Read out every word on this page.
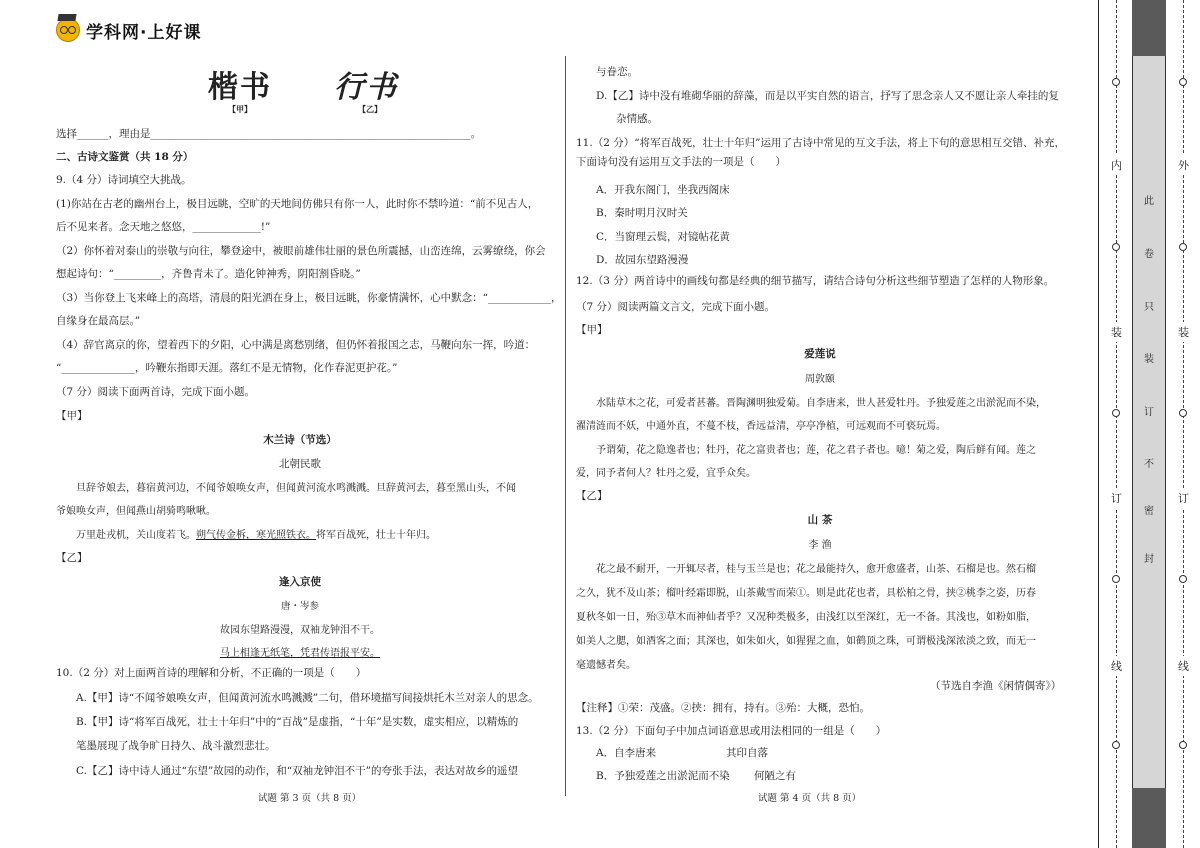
学科网·上好课
楷书 行书
【甲】	【乙】
选择______，理由是_____________________________________________________________。
二、古诗文鉴赏（共 18 分）
9.（4 分）诗词填空大挑战。
(1)你站在古老的幽州台上，极目远眺，空旷的天地间仿佛只有你一人，此时你不禁吟道：“前不见古人，
后不见来者。念天地之悠悠，_____________!”
（2）你怀着对泰山的崇敬与向往，攀登途中，被眼前雄伟壮丽的景色所震撼，山峦连绵，云雾缭绕，你会
想起诗句：“_________，齐鲁青未了。造化钟神秀，阴阳割昏晓。”
（3）当你登上飞来峰上的高塔，清晨的阳光洒在身上，极目远眺，你豪情满怀，心中默念：“____________，
自缘身在最高层。”
（4）辞官离京的你，望着西下的夕阳，心中满是离愁别绪，但仍怀着报国之志，马鞭向东一挥，吟道：
“______________，吟鞭东指即天涯。落红不是无情物，化作春泥更护花。”
（7 分）阅读下面两首诗，完成下面小题。
【甲】
木兰诗（节选）
北朝民歌
旦辞爷娘去，暮宿黄河边，不闻爷娘唤女声，但闻黄河流水鸣溅溅。旦辞黄河去，暮至黑山头，不闻
爷娘唤女声，但闻燕山胡骑鸣啾啾。
万里赴戎机，关山度若飞。朔气传金柝，寒光照铁衣。将军百战死，壮士十年归。
【乙】
逢入京使
唐・岑参
故园东望路漫漫，双袖龙钟泪不干。
马上相逢无纸笔，凭君传语报平安。
10.（2 分）对上面两首诗的理解和分析，不正确的一项是（　　）
A.【甲】诗“不闻爷娘唤女声，但闻黄河流水鸣溅溅”二句，借环境描写间接烘托木兰对亲人的思念。
B.【甲】诗“将军百战死，壮士十年归”中的“百战”是虚指，“十年”是实数，虚实相应，以精炼的
笔墨展现了战争旷日持久、战斗激烈悲壮。
C.【乙】诗中诗人通过“东望”故园的动作，和“双袖龙钟泪不干”的夸张手法，表达对故乡的遥望
试题 第 3 页（共 8 页）
与眷恋。
D.【乙】诗中没有堆砌华丽的辞藻，而是以平实自然的语言，抒写了思念亲人又不愿让亲人牵挂的复
杂情感。
11.（2 分）“将军百战死，壮士十年归”运用了古诗中常见的互文手法，将上下句的意思相互交错、补充，
下面诗句没有运用互文手法的一项是（　　）
A．开我东阁门，坐我西阁床
B．秦时明月汉时关
C．当窗理云鬓，对镜帖花黄
D．故园东望路漫漫
12.（3 分）两首诗中的画线句都是经典的细节描写，请结合诗句分析这些细节塑造了怎样的人物形象。
（7 分）阅读两篇文言文，完成下面小题。
【甲】
爱莲说
周敦颐
水陆草木之花，可爱者甚蕃。晋陶渊明独爱菊。自李唐来，世人甚爱牡丹。予独爱莲之出淤泥而不染，
濯清涟而不妖，中通外直，不蔓不枝，香远益清，亭亭净植，可远观而不可亵玩焉。
予谓菊，花之隐逸者也；牡丹，花之富贵者也；莲，花之君子者也。噫！菊之爱，陶后鲜有闻。莲之
爱，同予者何人？牡丹之爱，宜乎众矣。
【乙】
山 茶
李 渔
花之最不耐开，一开辄尽者，桂与玉兰是也；花之最能持久，愈开愈盛者，山茶、石榴是也。然石榴
之久，犹不及山茶；榴叶经霜即脱，山茶戴雪而荣①。则是此花也者，具松柏之骨，挟②桃李之姿，历春
夏秋冬如一日，殆③草木而神仙者乎？又况种类极多，由浅红以至深红，无一不备。其浅也，如粉如脂，
如美人之腮，如酒客之面；其深也，如朱如火，如猩猩之血，如鹤顶之珠，可谓极浅深浓淡之致，而无一
毫遗憾者矣。
（节选自李渔《闲情偶寄》）
【注释】①荣：茂盛。②挟：拥有，持有。③殆：大概，恐怕。
13.（2 分）下面句子中加点词语意思或用法相同的一组是（　　）
A．自李唐来	其印自落
B．予独爱莲之出淤泥而不染 何陋之有
试题 第 4 页（共 8 页）
内
装
订
线
外
装
订
线
此
卷
只
装
订
不
密
封
